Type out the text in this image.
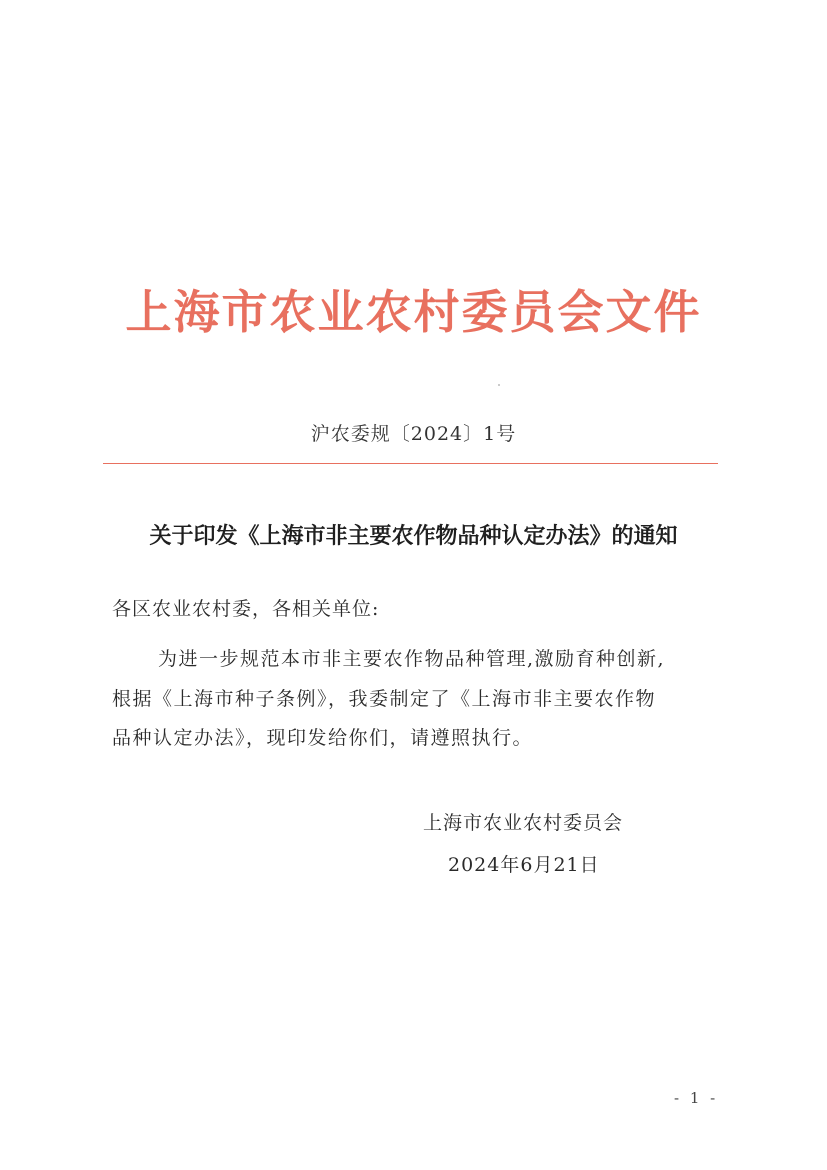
上海市农业农村委员会文件
沪农委规〔2024〕1号
关于印发《上海市非主要农作物品种认定办法》的通知
各区农业农村委，各相关单位:
为进一步规范本市非主要农作物品种管理,激励育种创新,
根据《上海市种子条例》，我委制定了《上海市非主要农作物
品种认定办法》，现印发给你们，请遵照执行。
上海市农业农村委员会
2024年6月21日
- 1 -
